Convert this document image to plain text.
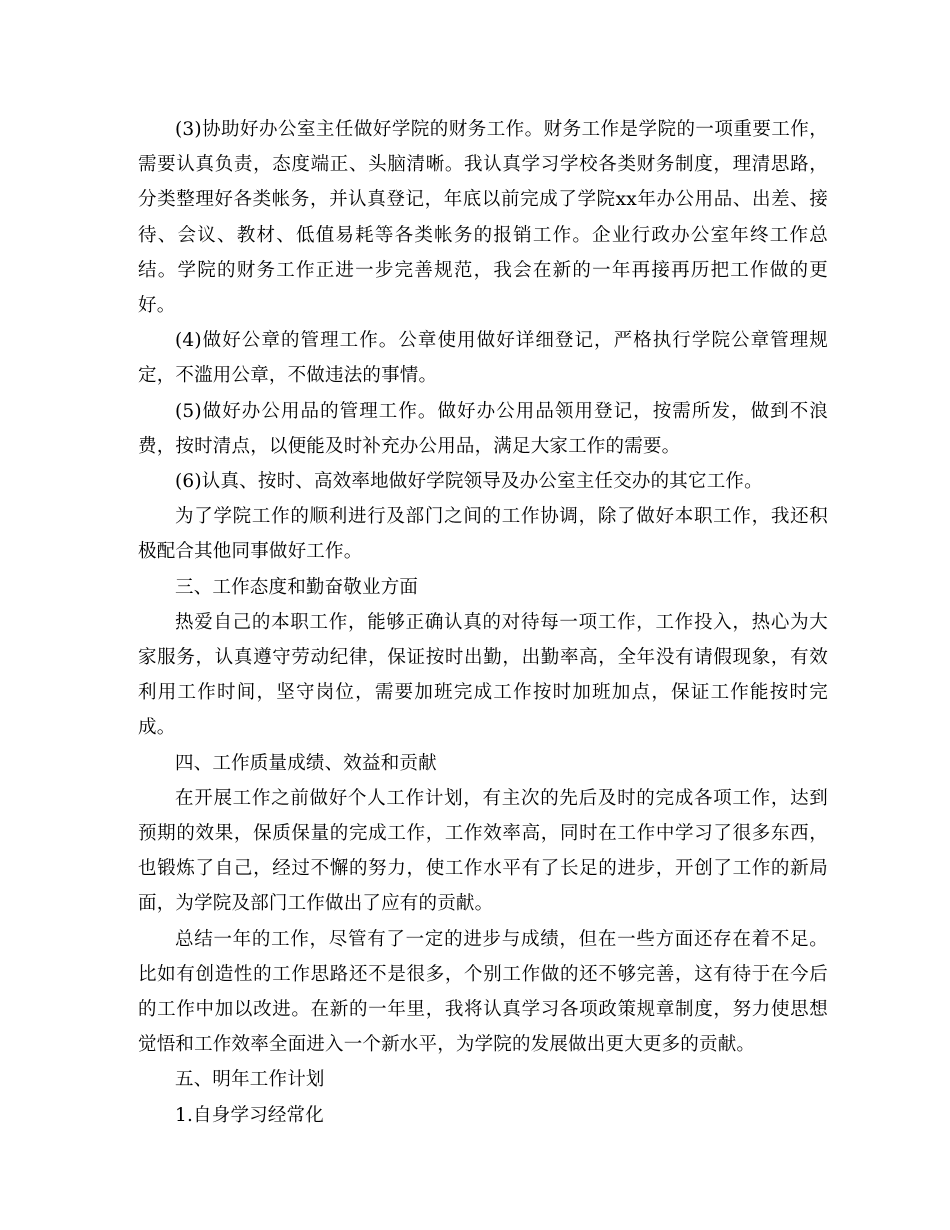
(3)协助好办公室主任做好学院的财务工作。财务工作是学院的一项重要工作，需要认真负责，态度端正、头脑清晰。我认真学习学校各类财务制度，理清思路，分类整理好各类帐务，并认真登记，年底以前完成了学院xx年办公用品、出差、接待、会议、教材、低值易耗等各类帐务的报销工作。企业行政办公室年终工作总结。学院的财务工作正进一步完善规范，我会在新的一年再接再历把工作做的更好。

(4)做好公章的管理工作。公章使用做好详细登记，严格执行学院公章管理规定，不滥用公章，不做违法的事情。

(5)做好办公用品的管理工作。做好办公用品领用登记，按需所发，做到不浪费，按时清点，以便能及时补充办公用品，满足大家工作的需要。

(6)认真、按时、高效率地做好学院领导及办公室主任交办的其它工作。

为了学院工作的顺利进行及部门之间的工作协调，除了做好本职工作，我还积极配合其他同事做好工作。

三、工作态度和勤奋敬业方面

热爱自己的本职工作，能够正确认真的对待每一项工作，工作投入，热心为大家服务，认真遵守劳动纪律，保证按时出勤，出勤率高，全年没有请假现象，有效利用工作时间，坚守岗位，需要加班完成工作按时加班加点，保证工作能按时完成。

四、工作质量成绩、效益和贡献

在开展工作之前做好个人工作计划，有主次的先后及时的完成各项工作，达到预期的效果，保质保量的完成工作，工作效率高，同时在工作中学习了很多东西，也锻炼了自己，经过不懈的努力，使工作水平有了长足的进步，开创了工作的新局面，为学院及部门工作做出了应有的贡献。

总结一年的工作，尽管有了一定的进步与成绩，但在一些方面还存在着不足。比如有创造性的工作思路还不是很多，个别工作做的还不够完善，这有待于在今后的工作中加以改进。在新的一年里，我将认真学习各项政策规章制度，努力使思想觉悟和工作效率全面进入一个新水平，为学院的发展做出更大更多的贡献。

五、明年工作计划

1.自身学习经常化
